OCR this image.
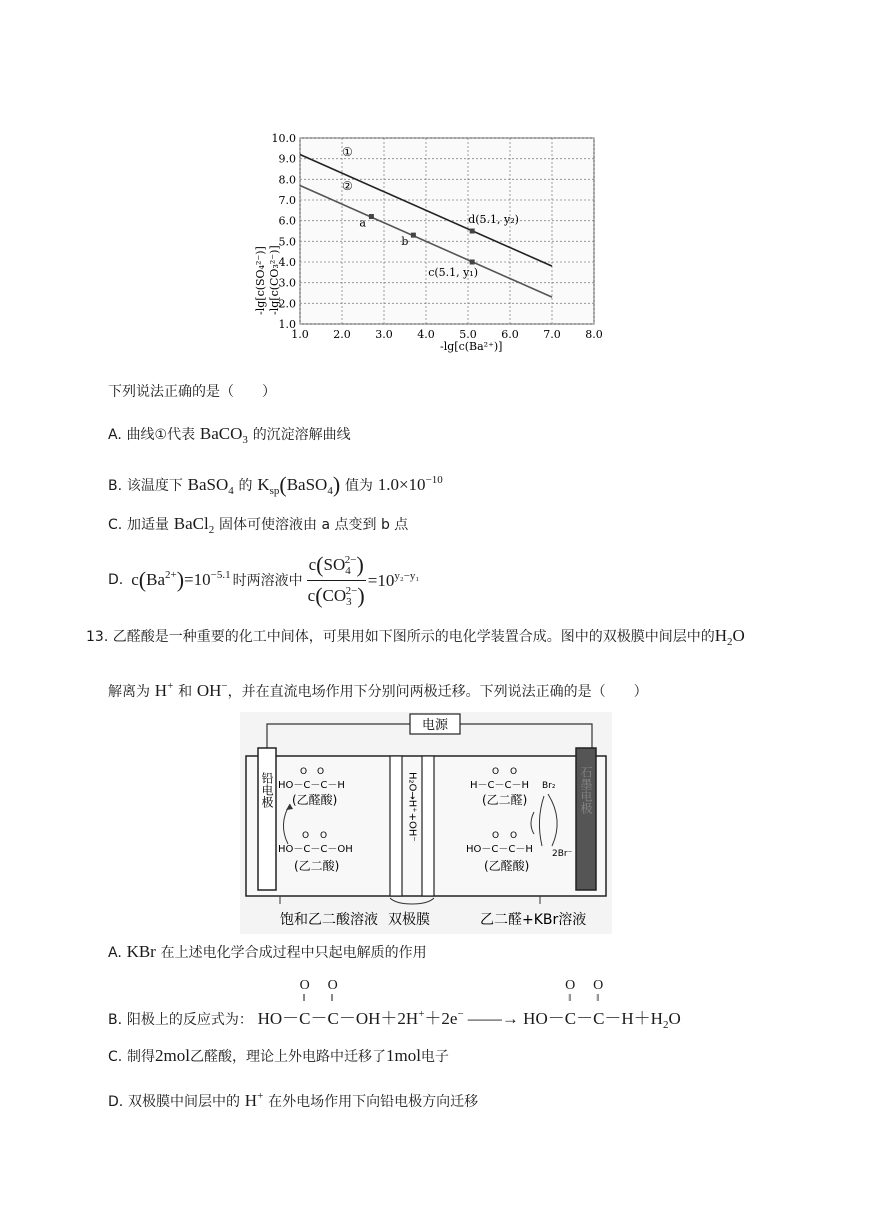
1.0 2.0 3.0 4.0 5.0 6.0 7.0 8.0
1.0
2.0
3.0
4.0
5.0
6.0
7.0
8.0
9.0
10.0
a
b
c(5.1, y₁)
d(5.1, y₂)
①
②
-lg[c(Ba²⁺)]
-lg[c(SO₄²⁻)] -lg[c(CO₃²⁻)]
下列说法正确的是（　　）
A. 曲线①代表 BaCO$_3$ 的沉淀溶解曲线
B. 该温度下 BaSO$_4$ 的 $K_{sp}(BaSO_4)$ 值为 $1.0\times 10^{-10}$
C. 加适量 BaCl$_2$ 固体可使溶液由 a 点变到 b 点
D. $c(Ba^{2+})=10^{-5.1}$ 时两溶液中 $\frac{c(SO_4^{2-})}{c(CO_3^{2-})} =10^{y_2-y_1}$
13. 乙醛酸是一种重要的化工中间体，可果用如下图所示的电化学装置合成。图中的双极膜中间层中的$H_2O$
解离为 H+ 和 OH−，并在直流电场作用下分别问两极迁移。下列说法正确的是（　　）
电源
铅电极	石墨电极
H₂O→H⁺+OH⁻
O O
HO－C－C－H
(乙醛酸)
O O
HO－C－C－OH
(乙二酸)
O O
H－C－C－H
(乙二醛)
O O
HO－C－C－H
(乙醛酸)
Br₂
2Br⁻
饱和乙二酸溶液 双极膜	乙二醛+KBr溶液
A. KBr 在上述电化学合成过程中只起电解质的作用
B. 阳极上的反应式为：
O O
‖ ‖
HO－C－C－OH＋2H+＋2e− ——→
O O
‖ ‖
$HO-C-C-H+H_2O$
C. 制得2mol乙醛酸，理论上外电路中迁移了1mol电子
D. 双极膜中间层中的 H+ 在外电场作用下向铅电极方向迁移
